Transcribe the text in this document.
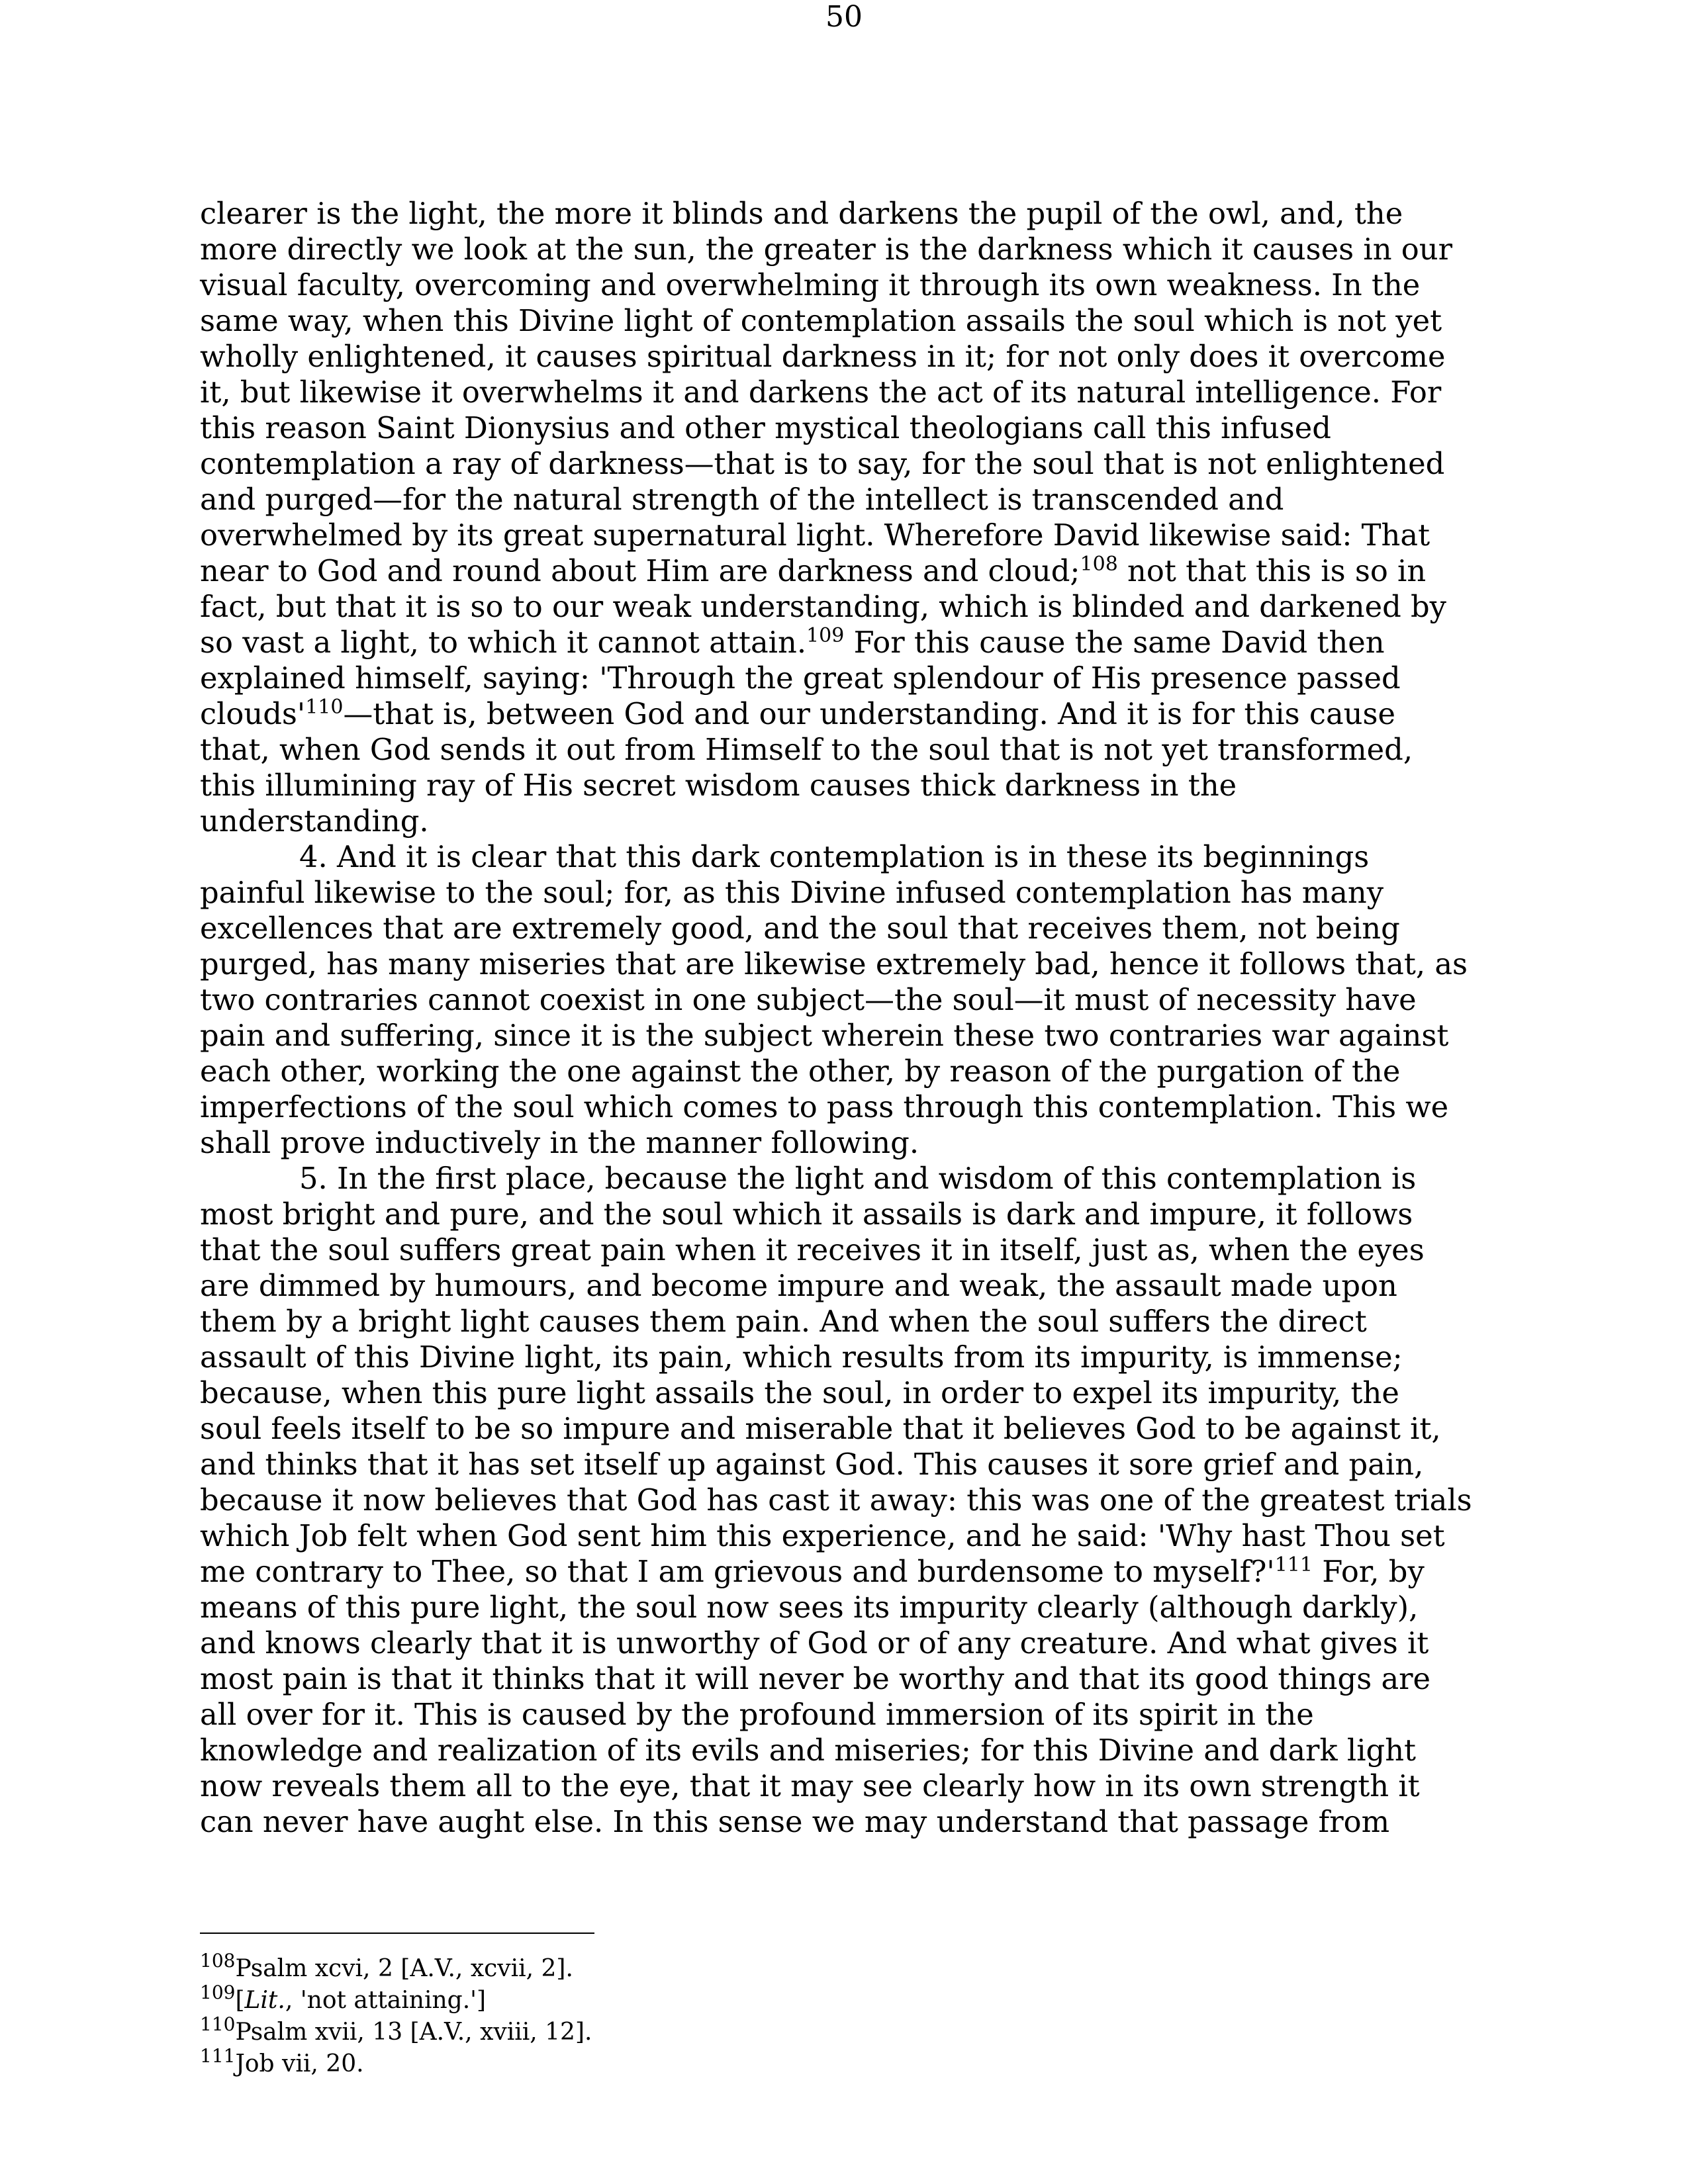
50
clearer is the light, the more it blinds and darkens the pupil of the owl, and, the
more directly we look at the sun, the greater is the darkness which it causes in our
visual faculty, overcoming and overwhelming it through its own weakness. In the
same way, when this Divine light of contemplation assails the soul which is not yet
wholly enlightened, it causes spiritual darkness in it; for not only does it overcome
it, but likewise it overwhelms it and darkens the act of its natural intelligence. For
this reason Saint Dionysius and other mystical theologians call this infused
contemplation a ray of darkness—that is to say, for the soul that is not enlightened
and purged—for the natural strength of the intellect is transcended and
overwhelmed by its great supernatural light. Wherefore David likewise said: That
near to God and round about Him are darkness and cloud;$^{108}$ not that this is so in
fact, but that it is so to our weak understanding, which is blinded and darkened by
so vast a light, to which it cannot attain.$^{109}$ For this cause the same David then
explained himself, saying: 'Through the great splendour of His presence passed
$clouds'^{110}—that$ is, between God and our understanding. And it is for this cause
that, when God sends it out from Himself to the soul that is not yet transformed,
this illumining ray of His secret wisdom causes thick darkness in the
understanding.
4. And it is clear that this dark contemplation is in these its beginnings
painful likewise to the soul; for, as this Divine infused contemplation has many
excellences that are extremely good, and the soul that receives them, not being
purged, has many miseries that are likewise extremely bad, hence it follows that, as
two contraries cannot coexist in one subject—the soul—it must of necessity have
pain and suffering, since it is the subject wherein these two contraries war against
each other, working the one against the other, by reason of the purgation of the
imperfections of the soul which comes to pass through this contemplation. This we
shall prove inductively in the manner following.
5. In the first place, because the light and wisdom of this contemplation is
most bright and pure, and the soul which it assails is dark and impure, it follows
that the soul suffers great pain when it receives it in itself, just as, when the eyes
are dimmed by humours, and become impure and weak, the assault made upon
them by a bright light causes them pain. And when the soul suffers the direct
assault of this Divine light, its pain, which results from its impurity, is immense;
because, when this pure light assails the soul, in order to expel its impurity, the
soul feels itself to be so impure and miserable that it believes God to be against it,
and thinks that it has set itself up against God. This causes it sore grief and pain,
because it now believes that God has cast it away: this was one of the greatest trials
which Job felt when God sent him this experience, and he said: 'Why hast Thou set
me contrary to Thee, so that I am grievous and burdensome to $myself?'^{111}$ For, by
means of this pure light, the soul now sees its impurity clearly (although darkly),
and knows clearly that it is unworthy of God or of any creature. And what gives it
most pain is that it thinks that it will never be worthy and that its good things are
all over for it. This is caused by the profound immersion of its spirit in the
knowledge and realization of its evils and miseries; for this Divine and dark light
now reveals them all to the eye, that it may see clearly how in its own strength it
can never have aught else. In this sense we may understand that passage from
$^{108}$Psalm xcvi, 2 [A.V., xcvii, 2].
$^{109}$[Lit., 'not attaining.']
$^{110}$Psalm xvii, 13 [A.V., xviii, 12].
$^{111}$Job vii, 20.
